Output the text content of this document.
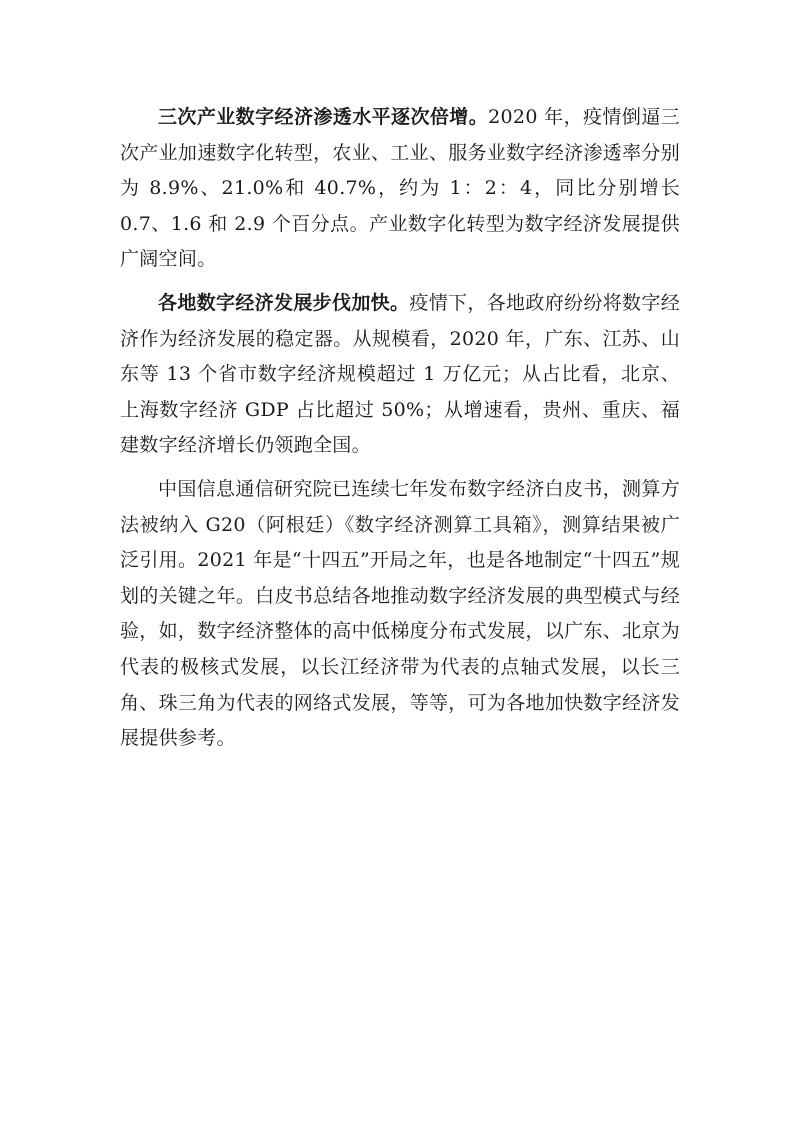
三次产业数字经济渗透水平逐次倍增。2020 年，疫情倒逼三次产业加速数字化转型，农业、工业、服务业数字经济渗透率分别为 8.9%、21.0%和 40.7%，约为 1：2：4，同比分别增长 0.7、1.6 和 2.9 个百分点。产业数字化转型为数字经济发展提供广阔空间。

各地数字经济发展步伐加快。疫情下，各地政府纷纷将数字经济作为经济发展的稳定器。从规模看，2020 年，广东、江苏、山东等 13 个省市数字经济规模超过 1 万亿元；从占比看，北京、上海数字经济 GDP 占比超过 50%；从增速看，贵州、重庆、福建数字经济增长仍领跑全国。

中国信息通信研究院已连续七年发布数字经济白皮书，测算方法被纳入 G20（阿根廷）《数字经济测算工具箱》，测算结果被广泛引用。2021 年是“十四五”开局之年，也是各地制定“十四五”规划的关键之年。白皮书总结各地推动数字经济发展的典型模式与经验，如，数字经济整体的高中低梯度分布式发展，以广东、北京为代表的极核式发展，以长江经济带为代表的点轴式发展，以长三角、珠三角为代表的网络式发展，等等，可为各地加快数字经济发展提供参考。
